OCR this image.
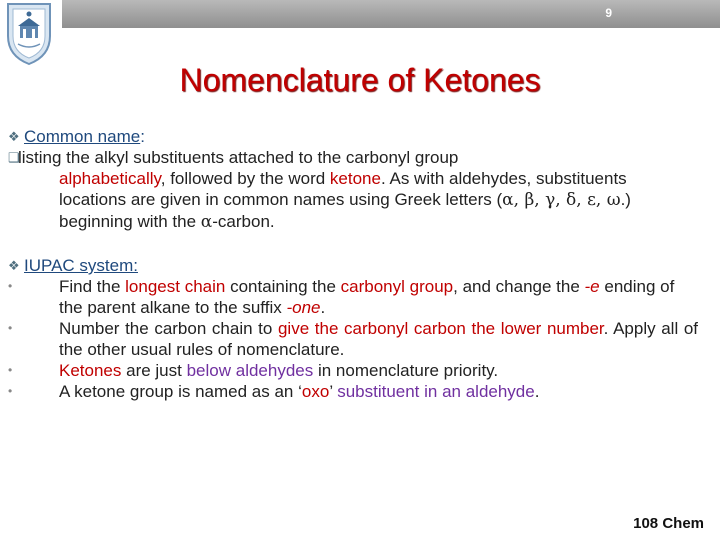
9
Nomenclature of Ketones
❖ Common name:
❑
listing the alkyl substituents attached to the carbonyl group
alphabetically, followed by the word ketone. As with aldehydes, substituents locations are given in common names using Greek letters (α, β, γ, δ, ε, ω.) beginning with the α-carbon.
❖ IUPAC system:
•	Find the longest chain containing the carbonyl group, and change the -e ending of the parent alkane to the suffix -one.
•	Number the carbon chain to give the carbonyl carbon the lower number. Apply all of the other usual rules of nomenclature.
•	Ketones are just below aldehydes in nomenclature priority.
•	A ketone group is named as an ‘oxo’ substituent in an aldehyde.
108 Chem
